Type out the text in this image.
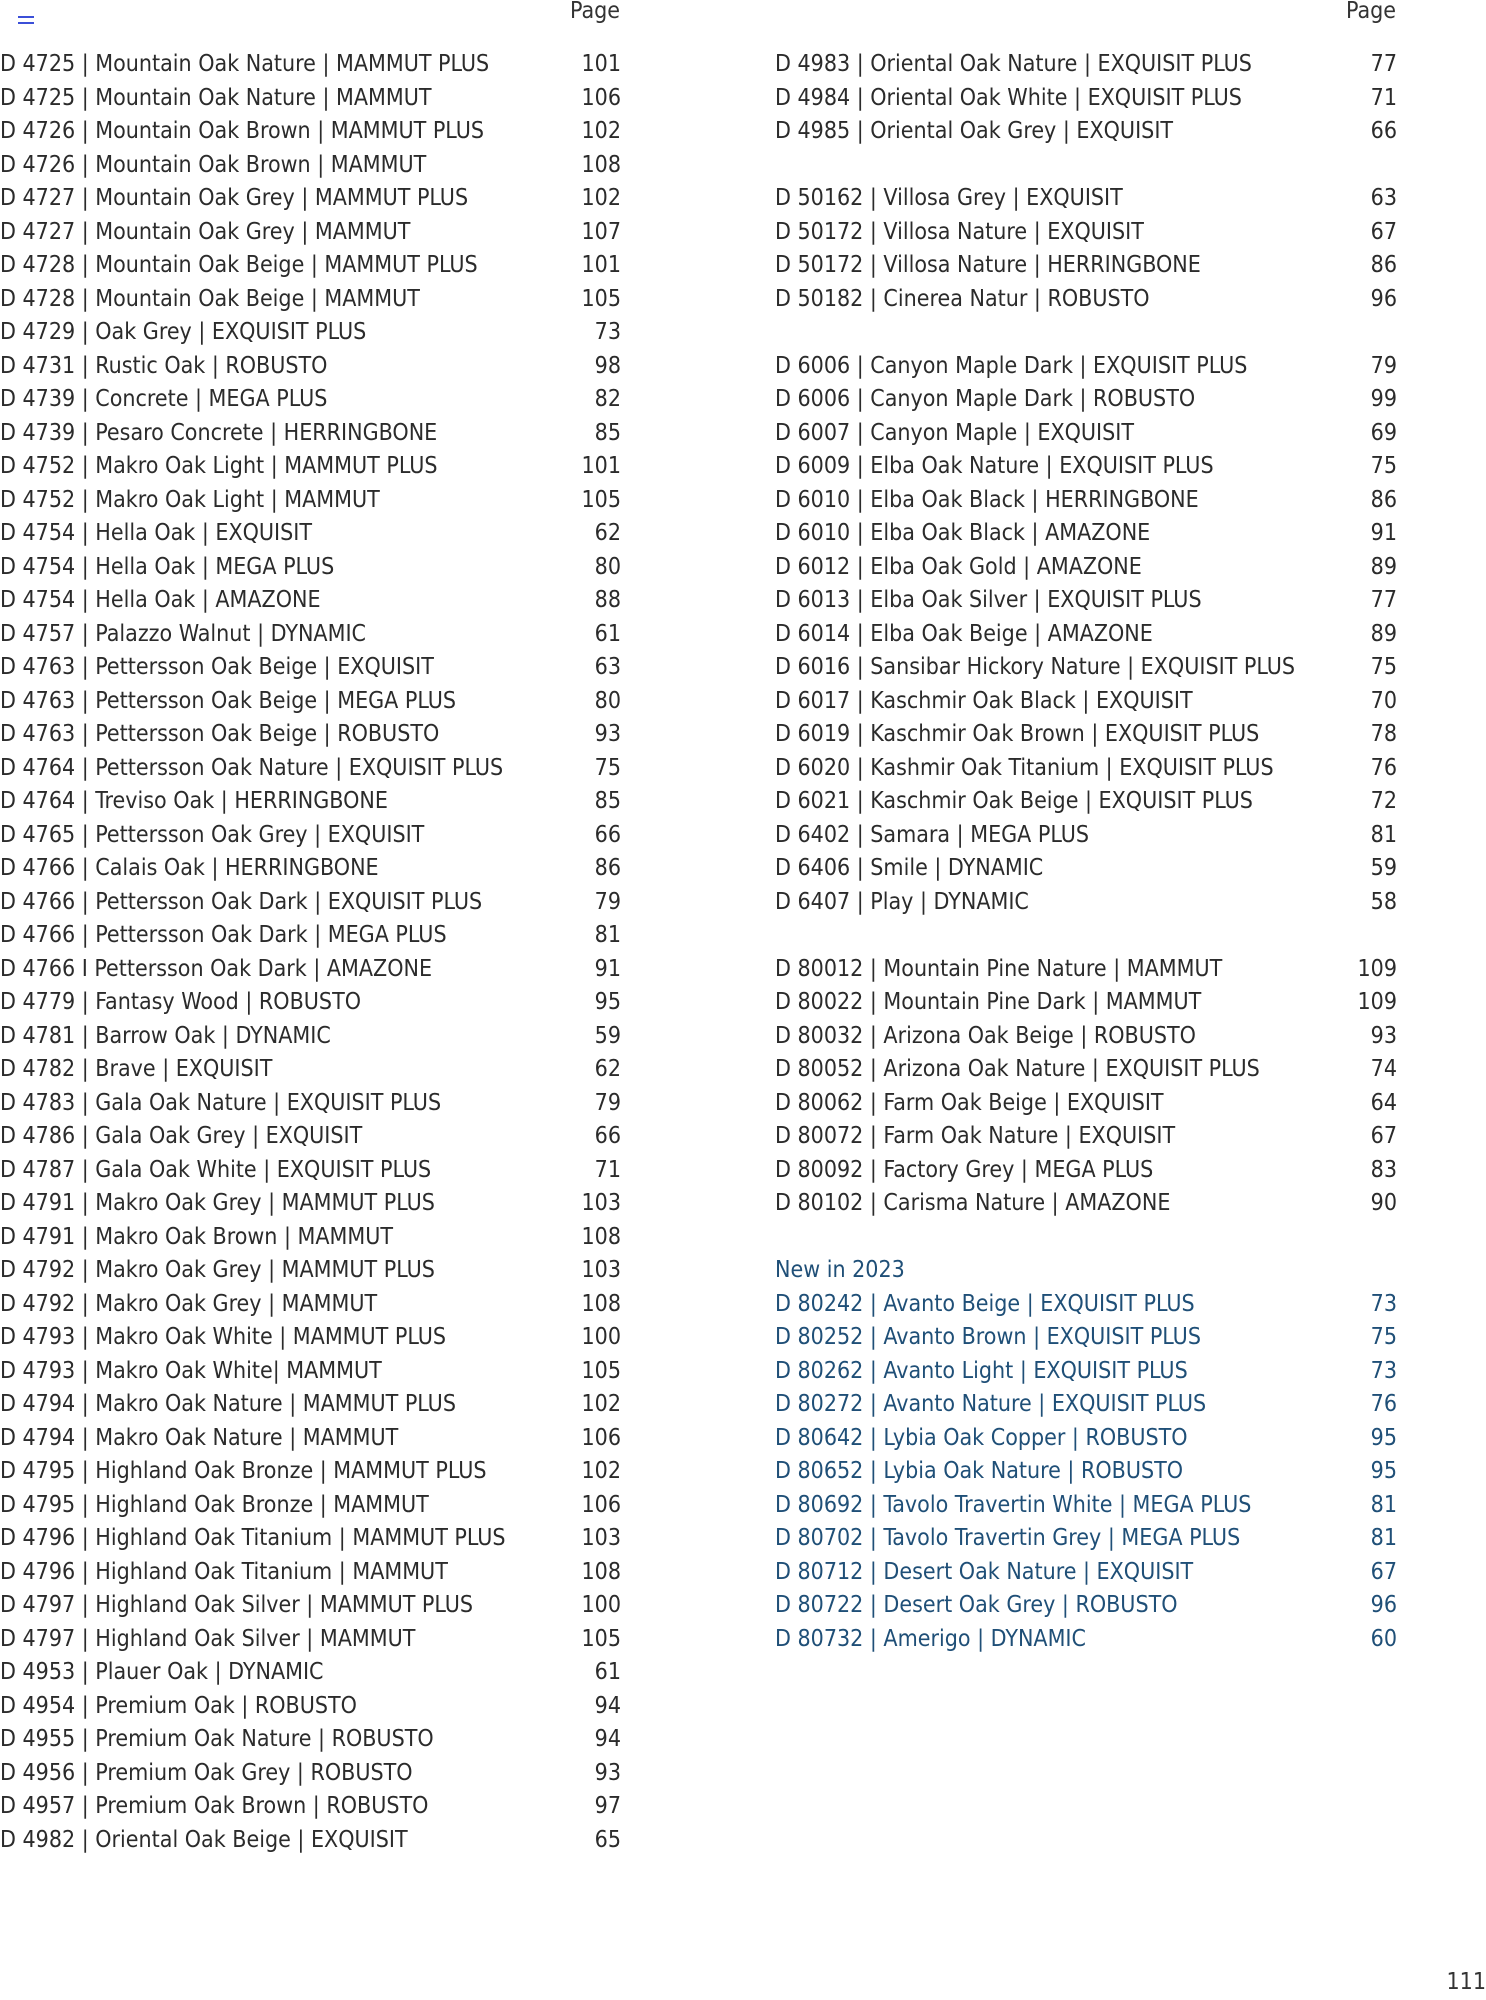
Page	Page
D 4725 | Mountain Oak Nature | MAMMUT PLUS	101
D 4725 | Mountain Oak Nature | MAMMUT	106
D 4726 | Mountain Oak Brown | MAMMUT PLUS	102
D 4726 | Mountain Oak Brown | MAMMUT	108
D 4727 | Mountain Oak Grey | MAMMUT PLUS	102
D 4727 | Mountain Oak Grey | MAMMUT	107
D 4728 | Mountain Oak Beige | MAMMUT PLUS	101
D 4728 | Mountain Oak Beige | MAMMUT	105
D 4729 | Oak Grey | EXQUISIT PLUS	73
D 4731 | Rustic Oak | ROBUSTO	98
D 4739 | Concrete | MEGA PLUS	82
D 4739 | Pesaro Concrete | HERRINGBONE	85
D 4752 | Makro Oak Light | MAMMUT PLUS	101
D 4752 | Makro Oak Light | MAMMUT	105
D 4754 | Hella Oak | EXQUISIT	62
D 4754 | Hella Oak | MEGA PLUS	80
D 4754 | Hella Oak | AMAZONE	88
D 4757 | Palazzo Walnut | DYNAMIC	61
D 4763 | Pettersson Oak Beige | EXQUISIT	63
D 4763 | Pettersson Oak Beige | MEGA PLUS	80
D 4763 | Pettersson Oak Beige | ROBUSTO	93
D 4764 | Pettersson Oak Nature | EXQUISIT PLUS	75
D 4764 | Treviso Oak | HERRINGBONE	85
D 4765 | Pettersson Oak Grey | EXQUISIT	66
D 4766 | Calais Oak | HERRINGBONE	86
D 4766 | Pettersson Oak Dark | EXQUISIT PLUS	79
D 4766 | Pettersson Oak Dark | MEGA PLUS	81
D 4766 I Pettersson Oak Dark | AMAZONE	91
D 4779 | Fantasy Wood | ROBUSTO	95
D 4781 | Barrow Oak | DYNAMIC	59
D 4782 | Brave | EXQUISIT	62
D 4783 | Gala Oak Nature | EXQUISIT PLUS	79
D 4786 | Gala Oak Grey | EXQUISIT	66
D 4787 | Gala Oak White | EXQUISIT PLUS	71
D 4791 | Makro Oak Grey | MAMMUT PLUS	103
D 4791 | Makro Oak Brown | MAMMUT	108
D 4792 | Makro Oak Grey | MAMMUT PLUS	103
D 4792 | Makro Oak Grey | MAMMUT	108
D 4793 | Makro Oak White | MAMMUT PLUS	100
D 4793 | Makro Oak White| MAMMUT	105
D 4794 | Makro Oak Nature | MAMMUT PLUS	102
D 4794 | Makro Oak Nature | MAMMUT	106
D 4795 | Highland Oak Bronze | MAMMUT PLUS	102
D 4795 | Highland Oak Bronze | MAMMUT	106
D 4796 | Highland Oak Titanium | MAMMUT PLUS	103
D 4796 | Highland Oak Titanium | MAMMUT	108
D 4797 | Highland Oak Silver | MAMMUT PLUS	100
D 4797 | Highland Oak Silver | MAMMUT	105
D 4953 | Plauer Oak | DYNAMIC	61
D 4954 | Premium Oak | ROBUSTO	94
D 4955 | Premium Oak Nature | ROBUSTO	94
D 4956 | Premium Oak Grey | ROBUSTO	93
D 4957 | Premium Oak Brown | ROBUSTO	97
D 4982 | Oriental Oak Beige | EXQUISIT	65
D 4983 | Oriental Oak Nature | EXQUISIT PLUS	77
D 4984 | Oriental Oak White | EXQUISIT PLUS	71
D 4985 | Oriental Oak Grey | EXQUISIT	66
D 50162 | Villosa Grey | EXQUISIT	63
D 50172 | Villosa Nature | EXQUISIT	67
D 50172 | Villosa Nature | HERRINGBONE	86
D 50182 | Cinerea Natur | ROBUSTO	96
D 6006 | Canyon Maple Dark | EXQUISIT PLUS	79
D 6006 | Canyon Maple Dark | ROBUSTO	99
D 6007 | Canyon Maple | EXQUISIT	69
D 6009 | Elba Oak Nature | EXQUISIT PLUS	75
D 6010 | Elba Oak Black | HERRINGBONE	86
D 6010 | Elba Oak Black | AMAZONE	91
D 6012 | Elba Oak Gold | AMAZONE	89
D 6013 | Elba Oak Silver | EXQUISIT PLUS	77
D 6014 | Elba Oak Beige | AMAZONE	89
D 6016 | Sansibar Hickory Nature | EXQUISIT PLUS	75
D 6017 | Kaschmir Oak Black | EXQUISIT	70
D 6019 | Kaschmir Oak Brown | EXQUISIT PLUS	78
D 6020 | Kashmir Oak Titanium | EXQUISIT PLUS	76
D 6021 | Kaschmir Oak Beige | EXQUISIT PLUS	72
D 6402 | Samara | MEGA PLUS	81
D 6406 | Smile | DYNAMIC	59
D 6407 | Play | DYNAMIC	58
D 80012 | Mountain Pine Nature | MAMMUT	109
D 80022 | Mountain Pine Dark | MAMMUT	109
D 80032 | Arizona Oak Beige | ROBUSTO	93
D 80052 | Arizona Oak Nature | EXQUISIT PLUS	74
D 80062 | Farm Oak Beige | EXQUISIT	64
D 80072 | Farm Oak Nature | EXQUISIT	67
D 80092 | Factory Grey | MEGA PLUS	83
D 80102 | Carisma Nature | AMAZONE	90
New in 2023
D 80242 | Avanto Beige | EXQUISIT PLUS	73
D 80252 | Avanto Brown | EXQUISIT PLUS	75
D 80262 | Avanto Light | EXQUISIT PLUS	73
D 80272 | Avanto Nature | EXQUISIT PLUS	76
D 80642 | Lybia Oak Copper | ROBUSTO	95
D 80652 | Lybia Oak Nature | ROBUSTO	95
D 80692 | Tavolo Travertin White | MEGA PLUS	81
D 80702 | Tavolo Travertin Grey | MEGA PLUS	81
D 80712 | Desert Oak Nature | EXQUISIT	67
D 80722 | Desert Oak Grey | ROBUSTO	96
D 80732 | Amerigo | DYNAMIC	60
111
